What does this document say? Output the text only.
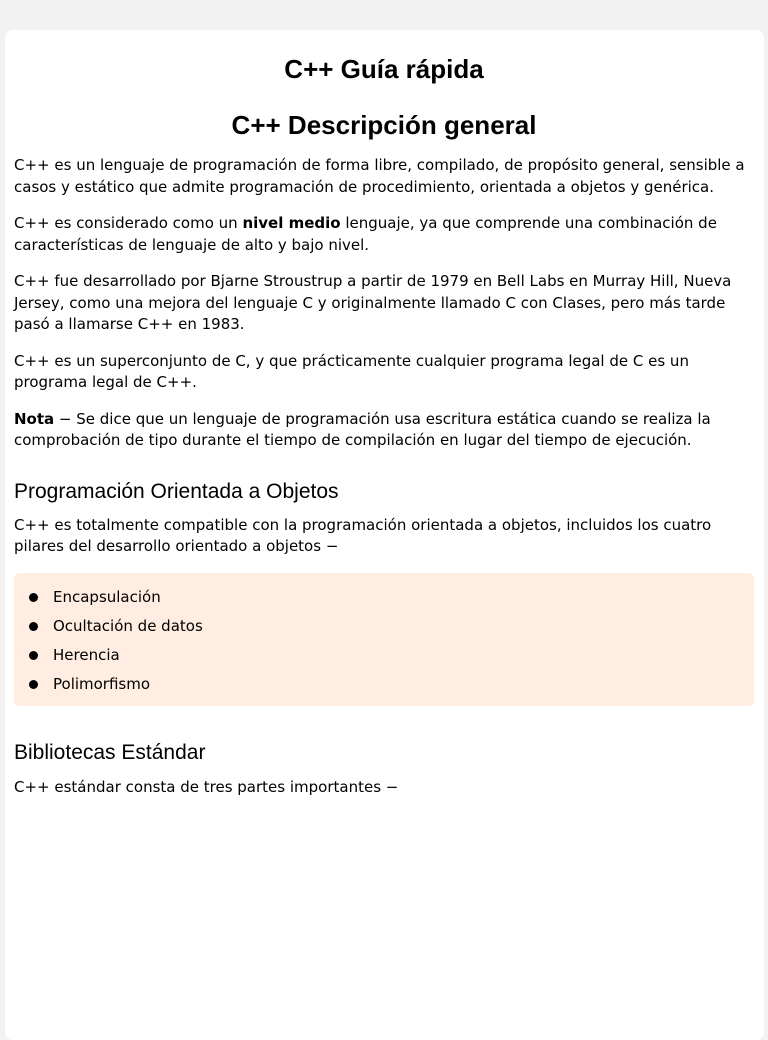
C++ Guía rápida
C++ Descripción general

C++ es un lenguaje de programación de forma libre, compilado, de propósito general, sensible a casos y estático que admite programación de procedimiento, orientada a objetos y genérica.

C++ es considerado como un nivel medio lenguaje, ya que comprende una combinación de características de lenguaje de alto y bajo nivel.

C++ fue desarrollado por Bjarne Stroustrup a partir de 1979 en Bell Labs en Murray Hill, Nueva Jersey, como una mejora del lenguaje C y originalmente llamado C con Clases, pero más tarde pasó a llamarse C++ en 1983.

C++ es un superconjunto de C, y que prácticamente cualquier programa legal de C es un programa legal de C++.

Nota − Se dice que un lenguaje de programación usa escritura estática cuando se realiza la comprobación de tipo durante el tiempo de compilación en lugar del tiempo de ejecución.

Programación Orientada a Objetos

C++ es totalmente compatible con la programación orientada a objetos, incluidos los cuatro pilares del desarrollo orientado a objetos −

Encapsulación
Ocultación de datos
Herencia
Polimorfismo
Bibliotecas Estándar

C++ estándar consta de tres partes importantes −
